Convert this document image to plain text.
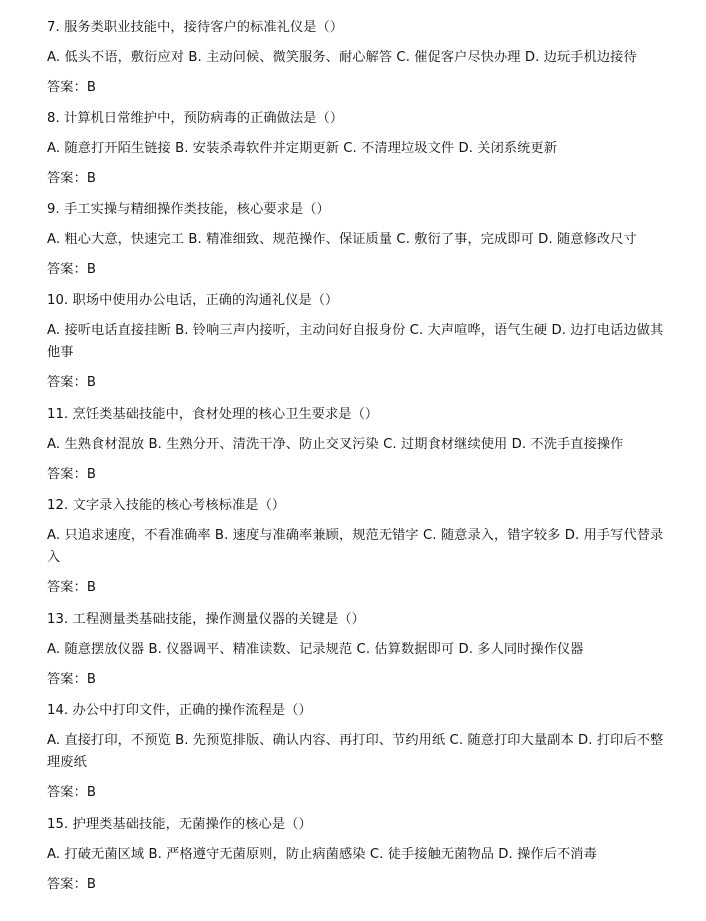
7. 服务类职业技能中，接待客户的标准礼仪是（）
A. 低头不语，敷衍应对 B. 主动问候、微笑服务、耐心解答 C. 催促客户尽快办理 D. 边玩手机边接待
答案：B
8. 计算机日常维护中，预防病毒的正确做法是（）
A. 随意打开陌生链接 B. 安装杀毒软件并定期更新 C. 不清理垃圾文件 D. 关闭系统更新
答案：B
9. 手工实操与精细操作类技能，核心要求是（）
A. 粗心大意，快速完工 B. 精准细致、规范操作、保证质量 C. 敷衍了事，完成即可 D. 随意修改尺寸
答案：B
10. 职场中使用办公电话，正确的沟通礼仪是（）
A. 接听电话直接挂断 B. 铃响三声内接听，主动问好自报身份 C. 大声喧哗，语气生硬 D. 边打电话边做其他事
答案：B
11. 烹饪类基础技能中，食材处理的核心卫生要求是（）
A. 生熟食材混放 B. 生熟分开、清洗干净、防止交叉污染 C. 过期食材继续使用 D. 不洗手直接操作
答案：B
12. 文字录入技能的核心考核标准是（）
A. 只追求速度，不看准确率 B. 速度与准确率兼顾，规范无错字 C. 随意录入，错字较多 D. 用手写代替录入
答案：B
13. 工程测量类基础技能，操作测量仪器的关键是（）
A. 随意摆放仪器 B. 仪器调平、精准读数、记录规范 C. 估算数据即可 D. 多人同时操作仪器
答案：B
14. 办公中打印文件，正确的操作流程是（）
A. 直接打印，不预览 B. 先预览排版、确认内容、再打印、节约用纸 C. 随意打印大量副本 D. 打印后不整理废纸
答案：B
15. 护理类基础技能，无菌操作的核心是（）
A. 打破无菌区域 B. 严格遵守无菌原则，防止病菌感染 C. 徒手接触无菌物品 D. 操作后不消毒
答案：B
